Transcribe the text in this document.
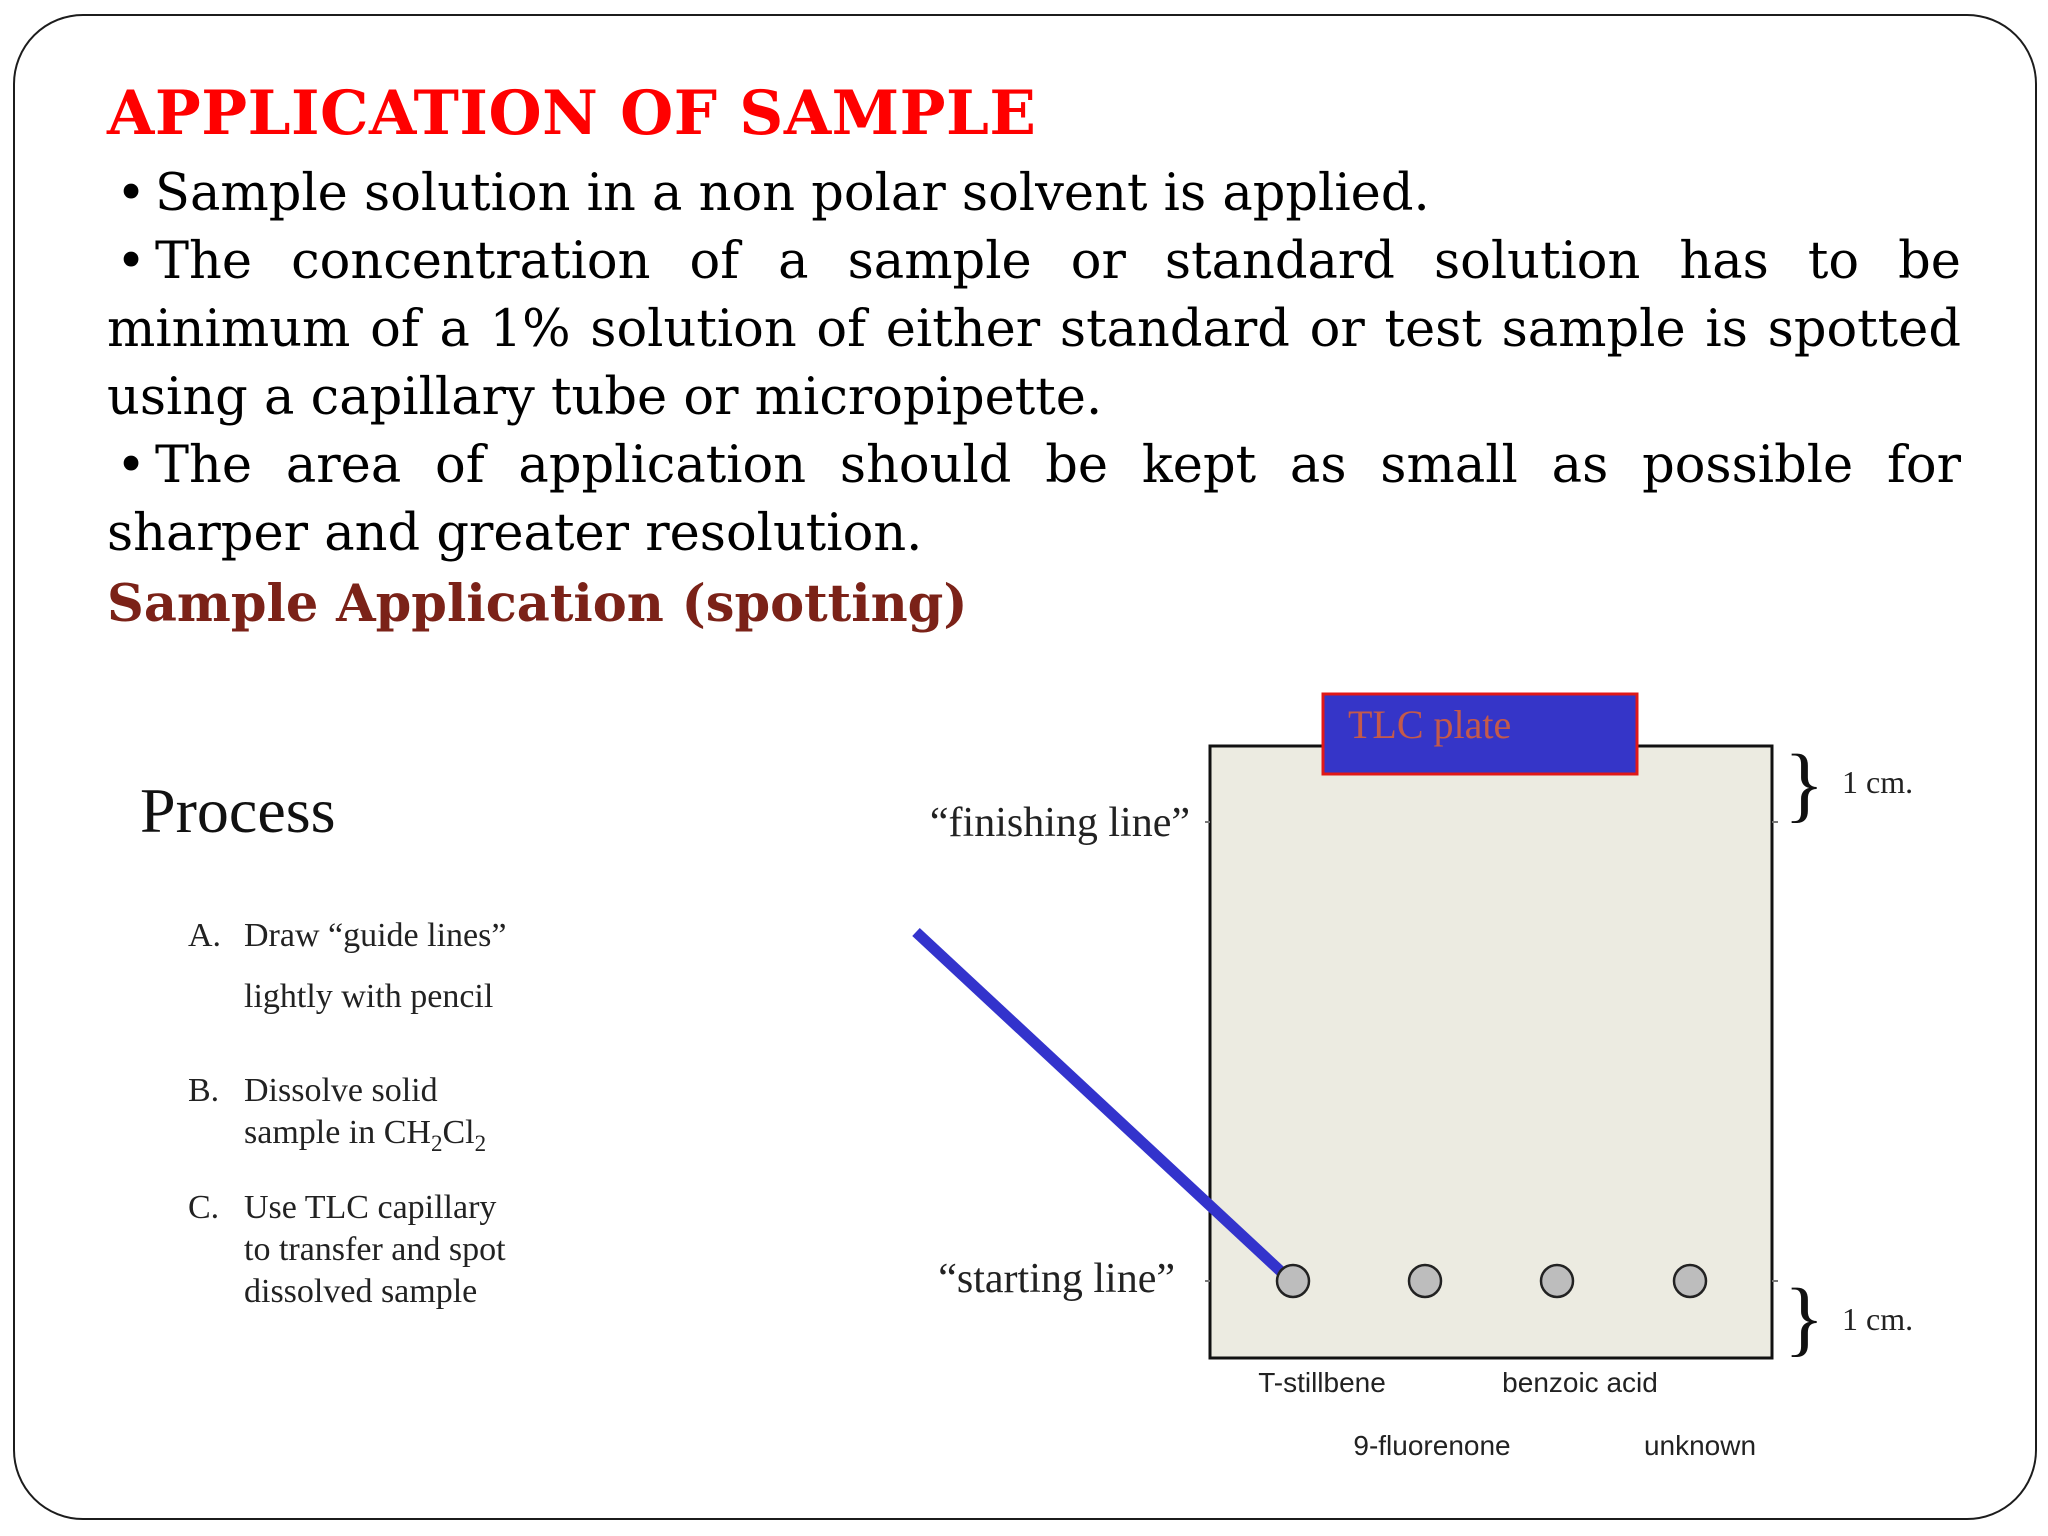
APPLICATION OF SAMPLE

• Sample solution in a non polar solvent is applied.

• The concentration of a sample or standard solution has to be minimum of a 1% solution of either standard or test sample is spotted using a capillary tube or micropipette.

• The area of application should be kept as small as possible for sharper and greater resolution.

Sample Application (spotting)
Process
A. Draw “guide lines”
lightly with pencil
B. Dissolve solid
sample in $CH_2Cl_2$
C. Use TLC capillary
to transfer and spot
dissolved sample
TLC plate
“finishing line”
“starting line”
} 1 cm.
} 1 cm.
T-stillbene
9-fluorenone
benzoic acid
unknown
